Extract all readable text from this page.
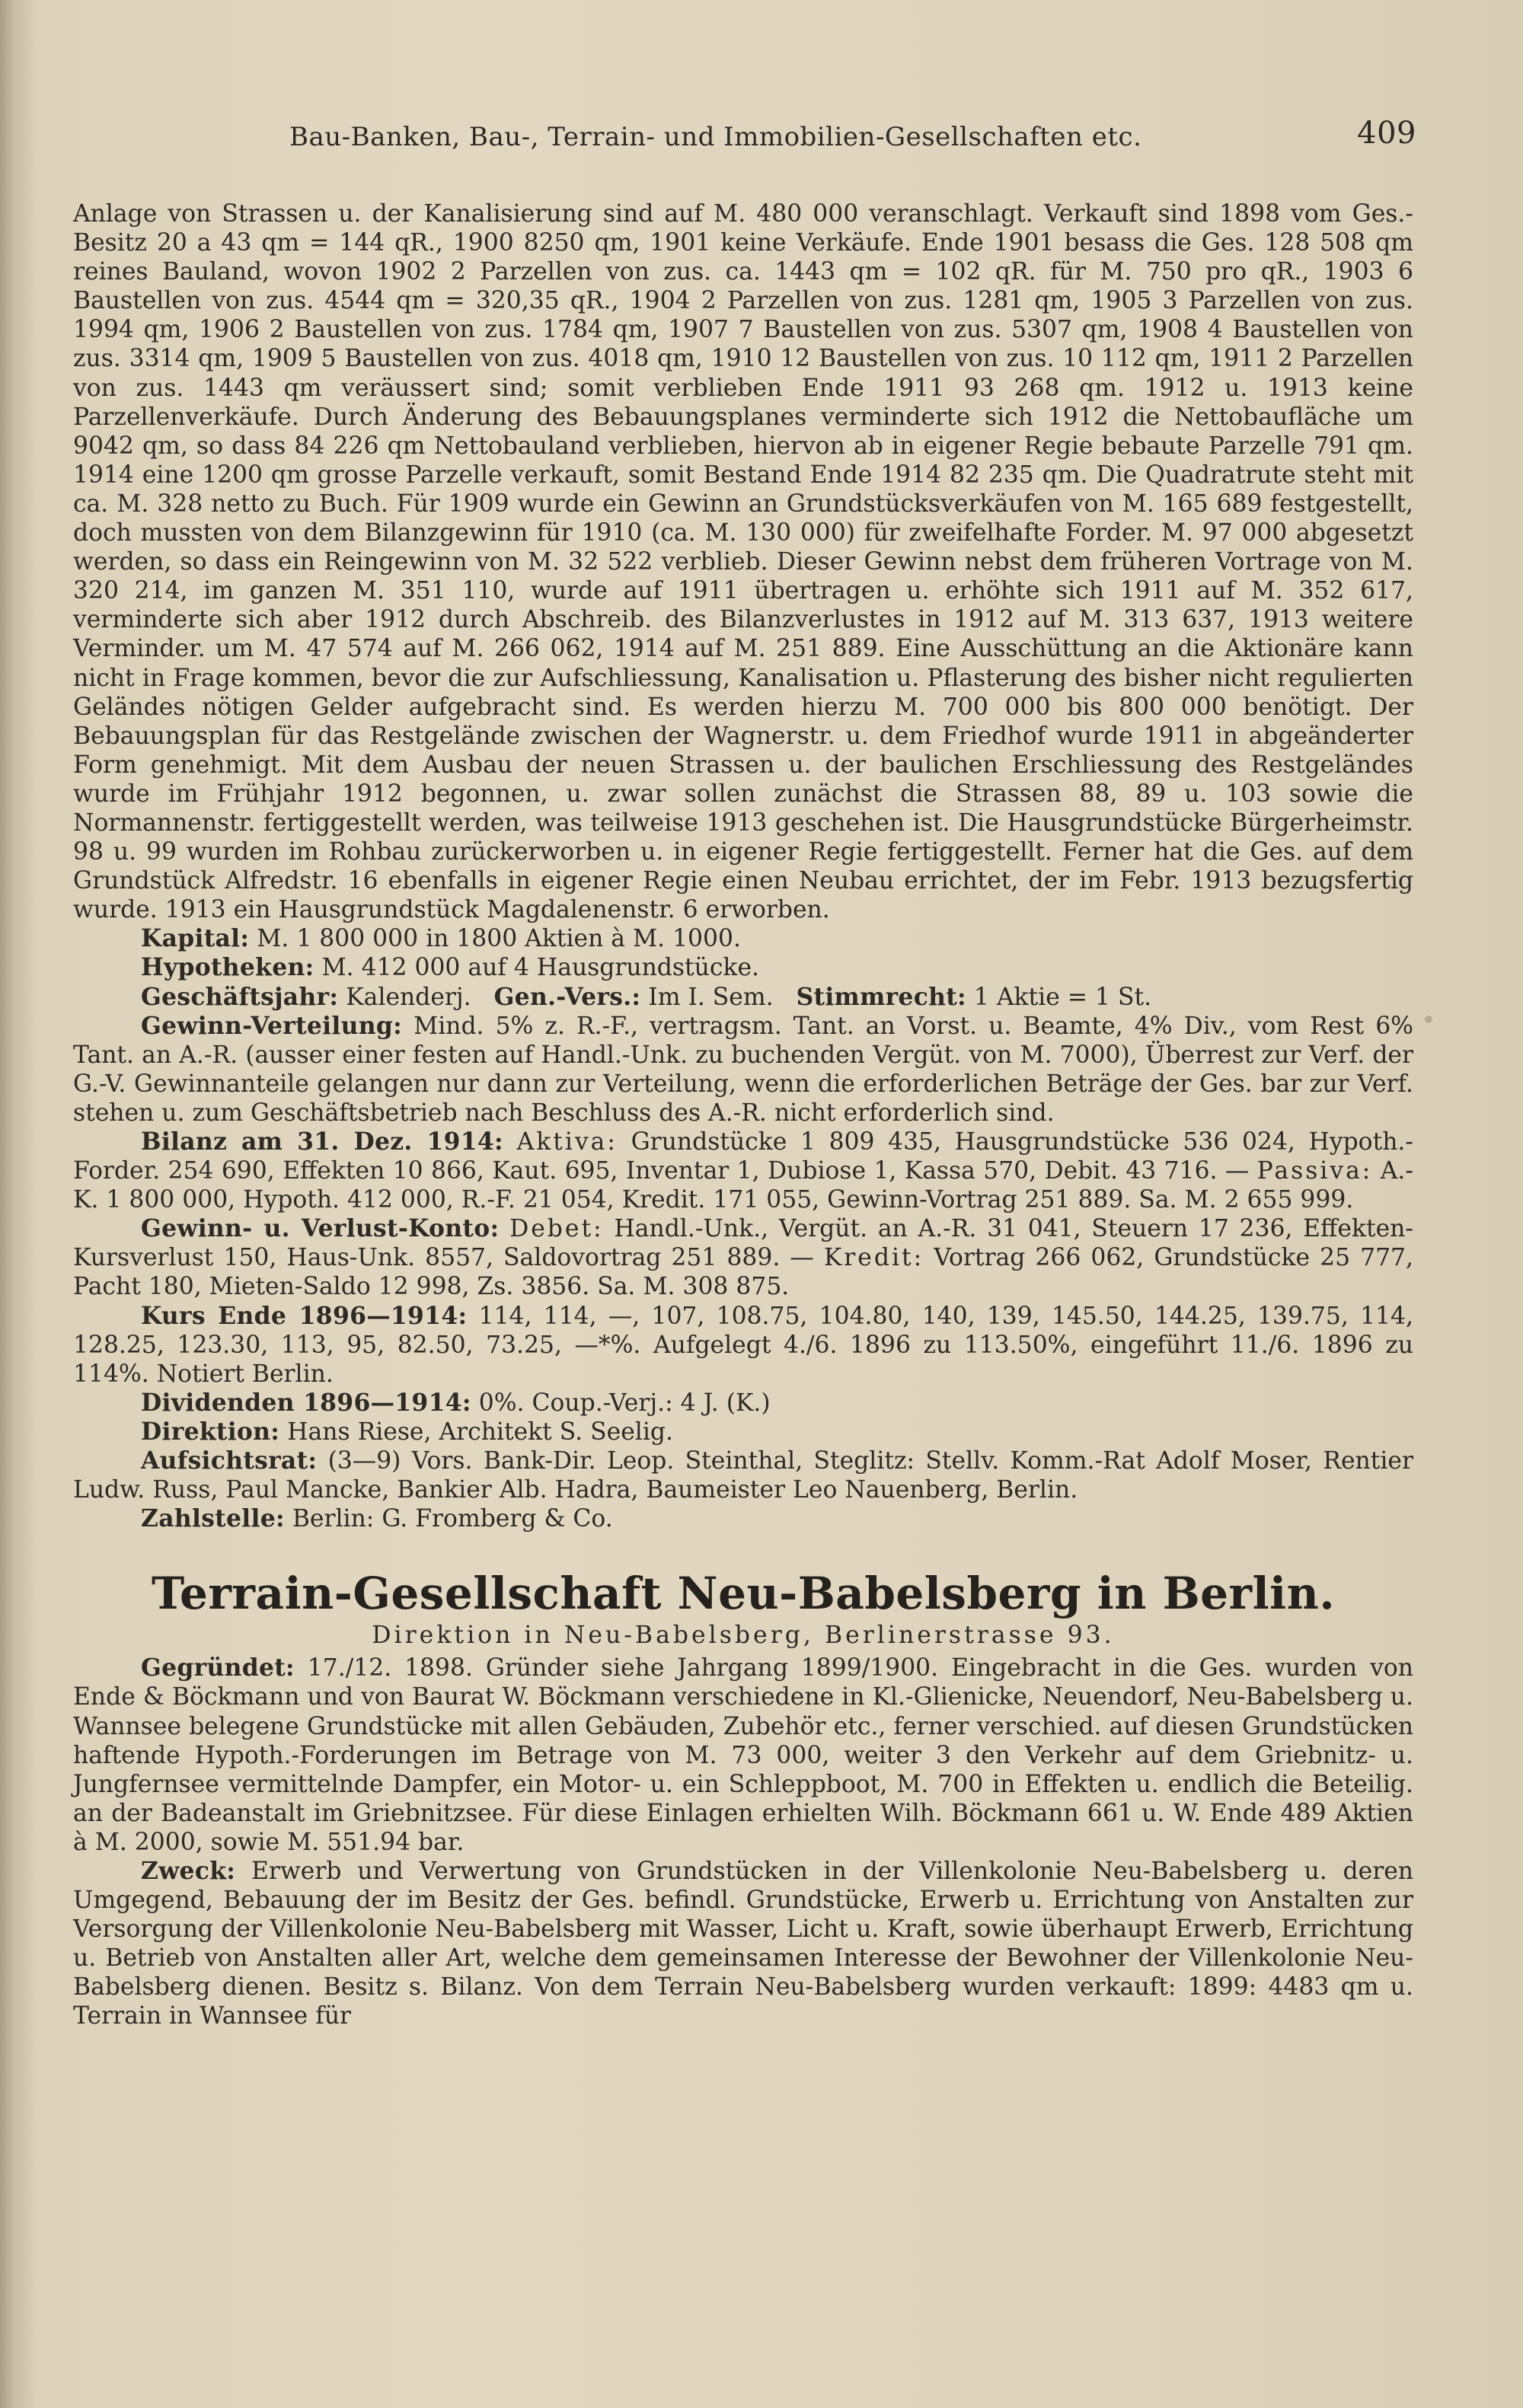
Bau-Banken, Bau-, Terrain- und Immobilien-Gesellschaften etc.	409

Anlage von Strassen u. der Kanalisierung sind auf M. 480 000 veranschlagt. Verkauft sind 1898 vom Ges.-Besitz 20 a 43 qm = 144 qR., 1900 8250 qm, 1901 keine Verkäufe. Ende 1901 besass die Ges. 128 508 qm reines Bauland, wovon 1902 2 Parzellen von zus. ca. 1443 qm = 102 qR. für M. 750 pro qR., 1903 6 Baustellen von zus. 4544 qm = 320,35 qR., 1904 2 Parzellen von zus. 1281 qm, 1905 3 Parzellen von zus. 1994 qm, 1906 2 Baustellen von zus. 1784 qm, 1907 7 Baustellen von zus. 5307 qm, 1908 4 Baustellen von zus. 3314 qm, 1909 5 Baustellen von zus. 4018 qm, 1910 12 Baustellen von zus. 10 112 qm, 1911 2 Parzellen von zus. 1443 qm veräussert sind; somit verblieben Ende 1911 93 268 qm. 1912 u. 1913 keine Parzellenverkäufe. Durch Änderung des Bebauungsplanes verminderte sich 1912 die Nettobaufläche um 9042 qm, so dass 84 226 qm Nettobauland verblieben, hiervon ab in eigener Regie bebaute Parzelle 791 qm. 1914 eine 1200 qm grosse Parzelle verkauft, somit Bestand Ende 1914 82 235 qm. Die Quadratrute steht mit ca. M. 328 netto zu Buch. Für 1909 wurde ein Gewinn an Grundstücksverkäufen von M. 165 689 festgestellt, doch mussten von dem Bilanzgewinn für 1910 (ca. M. 130 000) für zweifelhafte Forder. M. 97 000 abgesetzt werden, so dass ein Reingewinn von M. 32 522 verblieb. Dieser Gewinn nebst dem früheren Vortrage von M. 320 214, im ganzen M. 351 110, wurde auf 1911 übertragen u. erhöhte sich 1911 auf M. 352 617, verminderte sich aber 1912 durch Abschreib. des Bilanzverlustes in 1912 auf M. 313 637, 1913 weitere Verminder. um M. 47 574 auf M. 266 062, 1914 auf M. 251 889. Eine Ausschüttung an die Aktionäre kann nicht in Frage kommen, bevor die zur Aufschliessung, Kanalisation u. Pflasterung des bisher nicht regulierten Geländes nötigen Gelder aufgebracht sind. Es werden hierzu M. 700 000 bis 800 000 benötigt. Der Bebauungsplan für das Restgelände zwischen der Wagnerstr. u. dem Friedhof wurde 1911 in abgeänderter Form genehmigt. Mit dem Ausbau der neuen Strassen u. der baulichen Erschliessung des Restgeländes wurde im Frühjahr 1912 begonnen, u. zwar sollen zunächst die Strassen 88, 89 u. 103 sowie die Normannenstr. fertiggestellt werden, was teilweise 1913 geschehen ist. Die Hausgrundstücke Bürgerheimstr. 98 u. 99 wurden im Rohbau zurückerworben u. in eigener Regie fertiggestellt. Ferner hat die Ges. auf dem Grundstück Alfredstr. 16 ebenfalls in eigener Regie einen Neubau errichtet, der im Febr. 1913 bezugsfertig wurde. 1913 ein Hausgrundstück Magdalenenstr. 6 erworben.

Kapital: M. 1 800 000 in 1800 Aktien à M. 1000.

Hypotheken: M. 412 000 auf 4 Hausgrundstücke.

Geschäftsjahr: Kalenderj. Gen.-Vers.: Im I. Sem. Stimmrecht: 1 Aktie = 1 St.

Gewinn-Verteilung: Mind. 5% z. R.-F., vertragsm. Tant. an Vorst. u. Beamte, 4% Div., vom Rest 6% Tant. an A.-R. (ausser einer festen auf Handl.-Unk. zu buchenden Vergüt. von M. 7000), Überrest zur Verf. der G.-V. Gewinnanteile gelangen nur dann zur Verteilung, wenn die erforderlichen Beträge der Ges. bar zur Verf. stehen u. zum Geschäftsbetrieb nach Beschluss des A.-R. nicht erforderlich sind.

Bilanz am 31. Dez. 1914: Aktiva: Grundstücke 1 809 435, Hausgrundstücke 536 024, Hypoth.-Forder. 254 690, Effekten 10 866, Kaut. 695, Inventar 1, Dubiose 1, Kassa 570, Debit. 43 716. — Passiva: A.-K. 1 800 000, Hypoth. 412 000, R.-F. 21 054, Kredit. 171 055, Gewinn-Vortrag 251 889. Sa. M. 2 655 999.

Gewinn- u. Verlust-Konto: Debet: Handl.-Unk., Vergüt. an A.-R. 31 041, Steuern 17 236, Effekten-Kursverlust 150, Haus-Unk. 8557, Saldovortrag 251 889. — Kredit: Vortrag 266 062, Grundstücke 25 777, Pacht 180, Mieten-Saldo 12 998, Zs. 3856. Sa. M. 308 875.

Kurs Ende 1896—1914: 114, 114, —, 107, 108.75, 104.80, 140, 139, 145.50, 144.25, 139.75, 114, 128.25, 123.30, 113, 95, 82.50, 73.25, —*%. Aufgelegt 4./6. 1896 zu 113.50%, eingeführt 11./6. 1896 zu 114%. Notiert Berlin.

Dividenden 1896—1914: 0%. Coup.-Verj.: 4 J. (K.)

Direktion: Hans Riese, Architekt S. Seelig.

Aufsichtsrat: (3—9) Vors. Bank-Dir. Leop. Steinthal, Steglitz: Stellv. Komm.-Rat Adolf Moser, Rentier Ludw. Russ, Paul Mancke, Bankier Alb. Hadra, Baumeister Leo Nauenberg, Berlin.

Zahlstelle: Berlin: G. Fromberg & Co.

Terrain-Gesellschaft Neu-Babelsberg in Berlin.
Direktion in Neu-Babelsberg, Berlinerstrasse 93.

Gegründet: 17./12. 1898. Gründer siehe Jahrgang 1899/1900. Eingebracht in die Ges. wurden von Ende & Böckmann und von Baurat W. Böckmann verschiedene in Kl.-Glienicke, Neuendorf, Neu-Babelsberg u. Wannsee belegene Grundstücke mit allen Gebäuden, Zubehör etc., ferner verschied. auf diesen Grundstücken haftende Hypoth.-Forderungen im Betrage von M. 73 000, weiter 3 den Verkehr auf dem Griebnitz- u. Jungfernsee vermittelnde Dampfer, ein Motor- u. ein Schleppboot, M. 700 in Effekten u. endlich die Beteilig. an der Badeanstalt im Griebnitzsee. Für diese Einlagen erhielten Wilh. Böckmann 661 u. W. Ende 489 Aktien à M. 2000, sowie M. 551.94 bar.

Zweck: Erwerb und Verwertung von Grundstücken in der Villenkolonie Neu-Babelsberg u. deren Umgegend, Bebauung der im Besitz der Ges. befindl. Grundstücke, Erwerb u. Errichtung von Anstalten zur Versorgung der Villenkolonie Neu-Babelsberg mit Wasser, Licht u. Kraft, sowie überhaupt Erwerb, Errichtung u. Betrieb von Anstalten aller Art, welche dem gemeinsamen Interesse der Bewohner der Villenkolonie Neu-Babelsberg dienen. Besitz s. Bilanz. Von dem Terrain Neu-Babelsberg wurden verkauft: 1899: 4483 qm u. Terrain in Wannsee für
